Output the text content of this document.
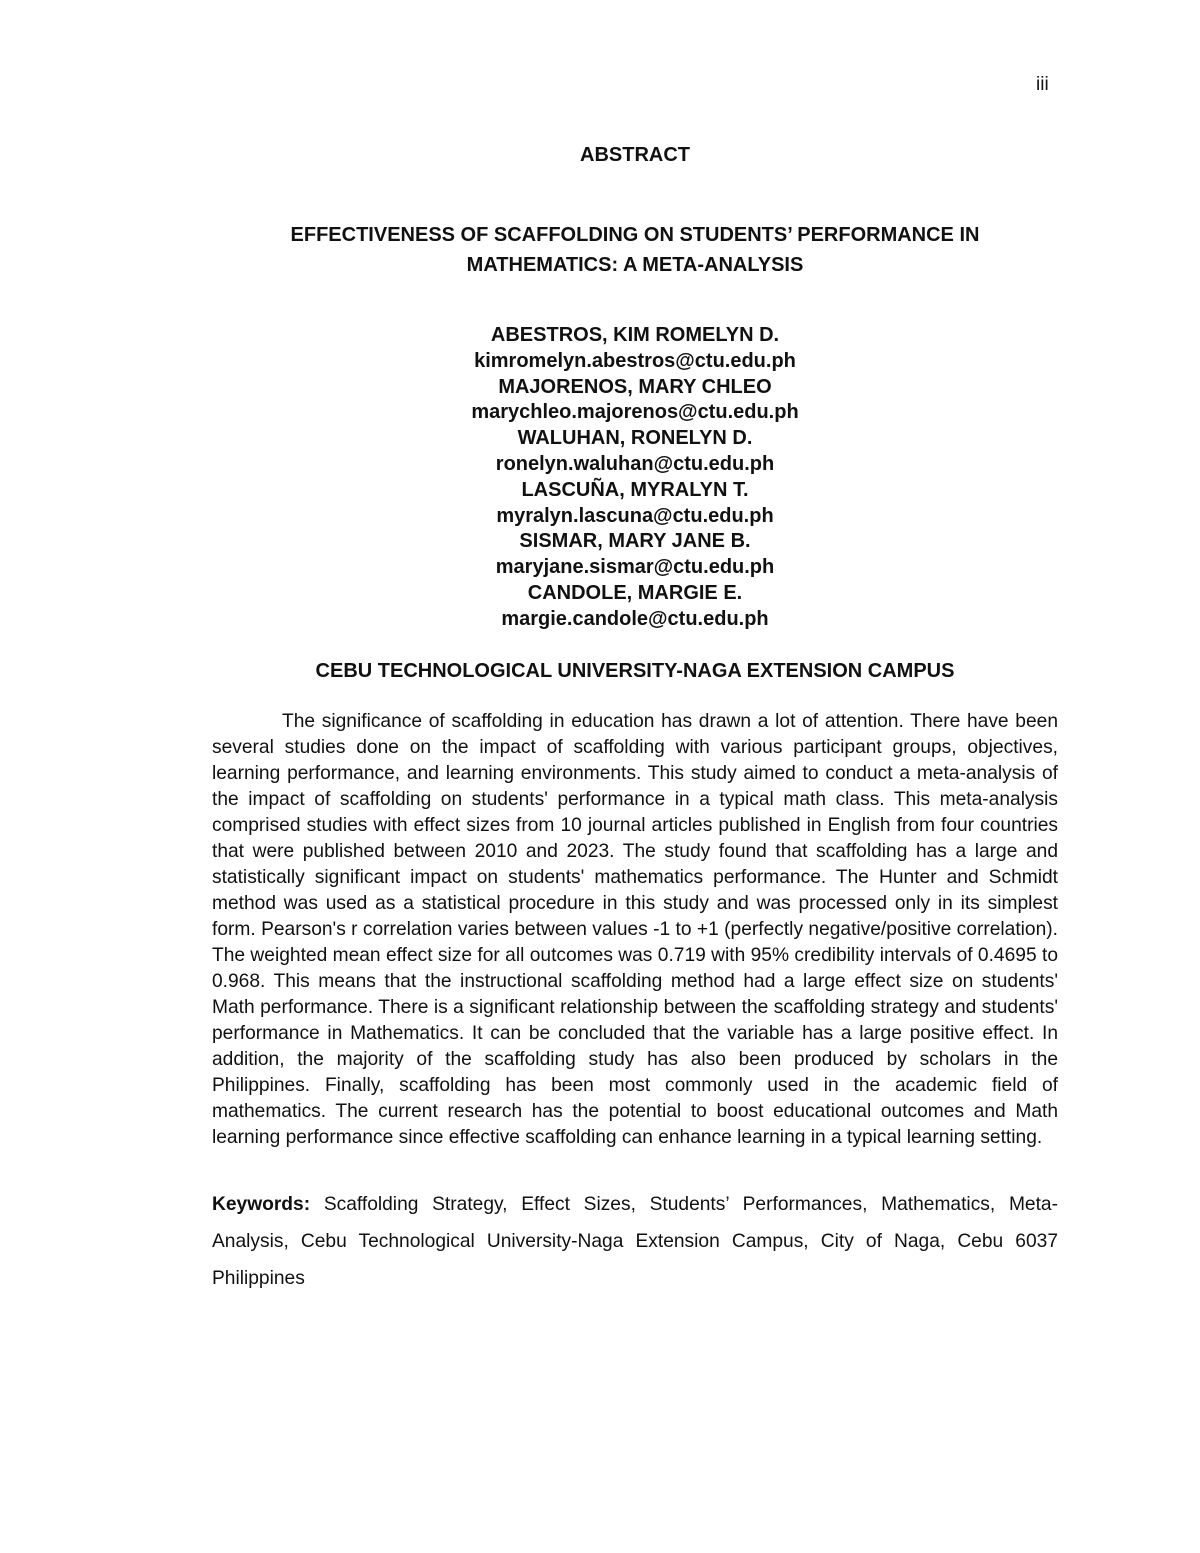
iii
ABSTRACT
EFFECTIVENESS OF SCAFFOLDING ON STUDENTS’ PERFORMANCE IN
MATHEMATICS: A META-ANALYSIS
ABESTROS, KIM ROMELYN D.
kimromelyn.abestros@ctu.edu.ph
MAJORENOS, MARY CHLEO
marychleo.majorenos@ctu.edu.ph
WALUHAN, RONELYN D.
ronelyn.waluhan@ctu.edu.ph
LASCUÑA, MYRALYN T.
myralyn.lascuna@ctu.edu.ph
SISMAR, MARY JANE B.
maryjane.sismar@ctu.edu.ph
CANDOLE, MARGIE E.
margie.candole@ctu.edu.ph
CEBU TECHNOLOGICAL UNIVERSITY-NAGA EXTENSION CAMPUS

The significance of scaffolding in education has drawn a lot of attention. There have been several studies done on the impact of scaffolding with various participant groups, objectives, learning performance, and learning environments. This study aimed to conduct a meta-analysis of the impact of scaffolding on students' performance in a typical math class. This meta-analysis comprised studies with effect sizes from 10 journal articles published in English from four countries that were published between 2010 and 2023. The study found that scaffolding has a large and statistically significant impact on students' mathematics performance. The Hunter and Schmidt method was used as a statistical procedure in this study and was processed only in its simplest form. Pearson's r correlation varies between values -1 to +1 (perfectly negative/positive correlation). The weighted mean effect size for all outcomes was 0.719 with 95% credibility intervals of 0.4695 to 0.968. This means that the instructional scaffolding method had a large effect size on students' Math performance. There is a significant relationship between the scaffolding strategy and students' performance in Mathematics. It can be concluded that the variable has a large positive effect. In addition, the majority of the scaffolding study has also been produced by scholars in the Philippines. Finally, scaffolding has been most commonly used in the academic field of mathematics. The current research has the potential to boost educational outcomes and Math learning performance since effective scaffolding can enhance learning in a typical learning setting.

Keywords: Scaffolding Strategy, Effect Sizes, Students’ Performances, Mathematics, Meta-Analysis, Cebu Technological University-Naga Extension Campus, City of Naga, Cebu 6037 Philippines
